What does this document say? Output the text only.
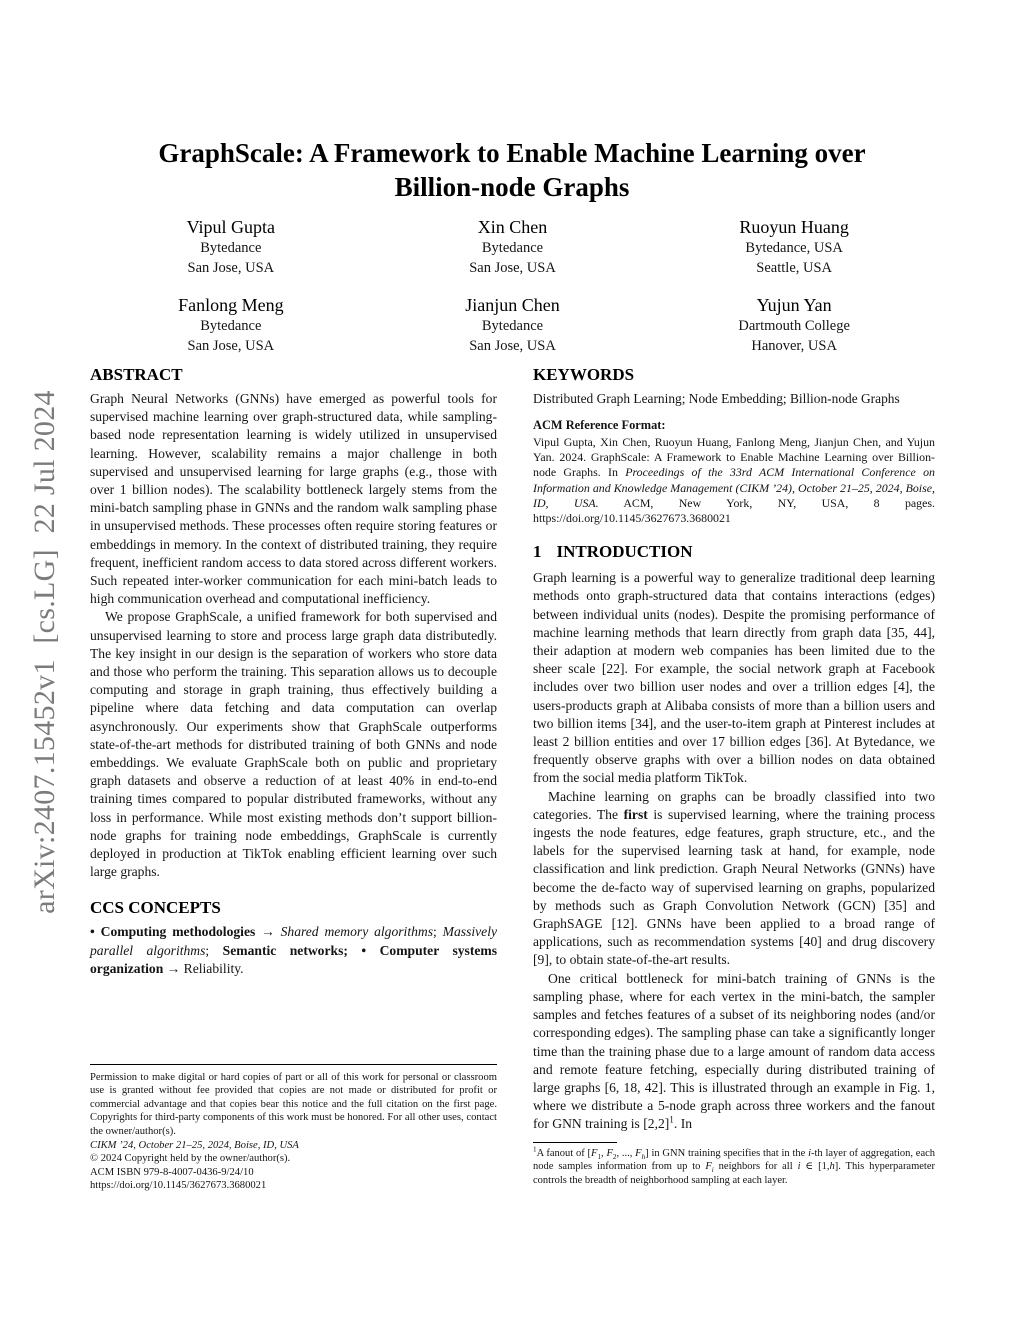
arXiv:2407.15452v1  [cs.LG]  22 Jul 2024
GraphScale: A Framework to Enable Machine Learning over
Billion-node Graphs
Vipul Gupta
Bytedance
San Jose, USA
Xin Chen
Bytedance
San Jose, USA
Ruoyun Huang
Bytedance, USA
Seattle, USA
Fanlong Meng
Bytedance
San Jose, USA
Jianjun Chen
Bytedance
San Jose, USA
Yujun Yan
Dartmouth College
Hanover, USA
ABSTRACT

Graph Neural Networks (GNNs) have emerged as powerful tools for supervised machine learning over graph-structured data, while sampling-based node representation learning is widely utilized in unsupervised learning. However, scalability remains a major challenge in both supervised and unsupervised learning for large graphs (e.g., those with over 1 billion nodes). The scalability bottleneck largely stems from the mini-batch sampling phase in GNNs and the random walk sampling phase in unsupervised methods. These processes often require storing features or embeddings in memory. In the context of distributed training, they require frequent, inefficient random access to data stored across different workers. Such repeated inter-worker communication for each mini-batch leads to high communication overhead and computational inefficiency.

We propose GraphScale, a unified framework for both supervised and unsupervised learning to store and process large graph data distributedly. The key insight in our design is the separation of workers who store data and those who perform the training. This separation allows us to decouple computing and storage in graph training, thus effectively building a pipeline where data fetching and data computation can overlap asynchronously. Our experiments show that GraphScale outperforms state-of-the-art methods for distributed training of both GNNs and node embeddings. We evaluate GraphScale both on public and proprietary graph datasets and observe a reduction of at least 40% in end-to-end training times compared to popular distributed frameworks, without any loss in performance. While most existing methods don’t support billion-node graphs for training node embeddings, GraphScale is currently deployed in production at TikTok enabling efficient learning over such large graphs.

CCS CONCEPTS

• Computing methodologies → Shared memory algorithms; Massively parallel algorithms; Semantic networks; • Computer systems organization → Reliability.

Permission to make digital or hard copies of part or all of this work for personal or classroom use is granted without fee provided that copies are not made or distributed for profit or commercial advantage and that copies bear this notice and the full citation on the first page. Copyrights for third-party components of this work must be honored. For all other uses, contact the owner/author(s).

CIKM ’24, October 21–25, 2024, Boise, ID, USA

© 2024 Copyright held by the owner/author(s).

ACM ISBN 979-8-4007-0436-9/24/10

https://doi.org/10.1145/3627673.3680021

KEYWORDS

Distributed Graph Learning; Node Embedding; Billion-node Graphs

ACM Reference Format:

Vipul Gupta, Xin Chen, Ruoyun Huang, Fanlong Meng, Jianjun Chen, and Yujun Yan. 2024. GraphScale: A Framework to Enable Machine Learning over Billion-node Graphs. In Proceedings of the 33rd ACM International Conference on Information and Knowledge Management (CIKM ’24), October 21–25, 2024, Boise, ID, USA. ACM, New York, NY, USA, 8 pages. https://doi.org/10.1145/3627673.3680021

1 INTRODUCTION

Graph learning is a powerful way to generalize traditional deep learning methods onto graph-structured data that contains interactions (edges) between individual units (nodes). Despite the promising performance of machine learning methods that learn directly from graph data [35, 44], their adaption at modern web companies has been limited due to the sheer scale [22]. For example, the social network graph at Facebook includes over two billion user nodes and over a trillion edges [4], the users-products graph at Alibaba consists of more than a billion users and two billion items [34], and the user-to-item graph at Pinterest includes at least 2 billion entities and over 17 billion edges [36]. At Bytedance, we frequently observe graphs with over a billion nodes on data obtained from the social media platform TikTok.

Machine learning on graphs can be broadly classified into two categories. The first is supervised learning, where the training process ingests the node features, edge features, graph structure, etc., and the labels for the supervised learning task at hand, for example, node classification and link prediction. Graph Neural Networks (GNNs) have become the de-facto way of supervised learning on graphs, popularized by methods such as Graph Convolution Network (GCN) [35] and GraphSAGE [12]. GNNs have been applied to a broad range of applications, such as recommendation systems [40] and drug discovery [9], to obtain state-of-the-art results.

One critical bottleneck for mini-batch training of GNNs is the sampling phase, where for each vertex in the mini-batch, the sampler samples and fetches features of a subset of its neighboring nodes (and/or corresponding edges). The sampling phase can take a significantly longer time than the training phase due to a large amount of random data access and remote feature fetching, especially during distributed training of large graphs [6, 18, 42]. This is illustrated through an example in Fig. 1, where we distribute a 5-node graph across three workers and the fanout for GNN training is $[2,2]^1$. In

$^1$A fanout of [$F_1$, $F_2$, ..., $F_h$] in GNN training specifies that in the i-th layer of aggregation, each node samples information from up to $F_i$ neighbors for all i ∈ [1,h]. This hyperparameter controls the breadth of neighborhood sampling at each layer.
